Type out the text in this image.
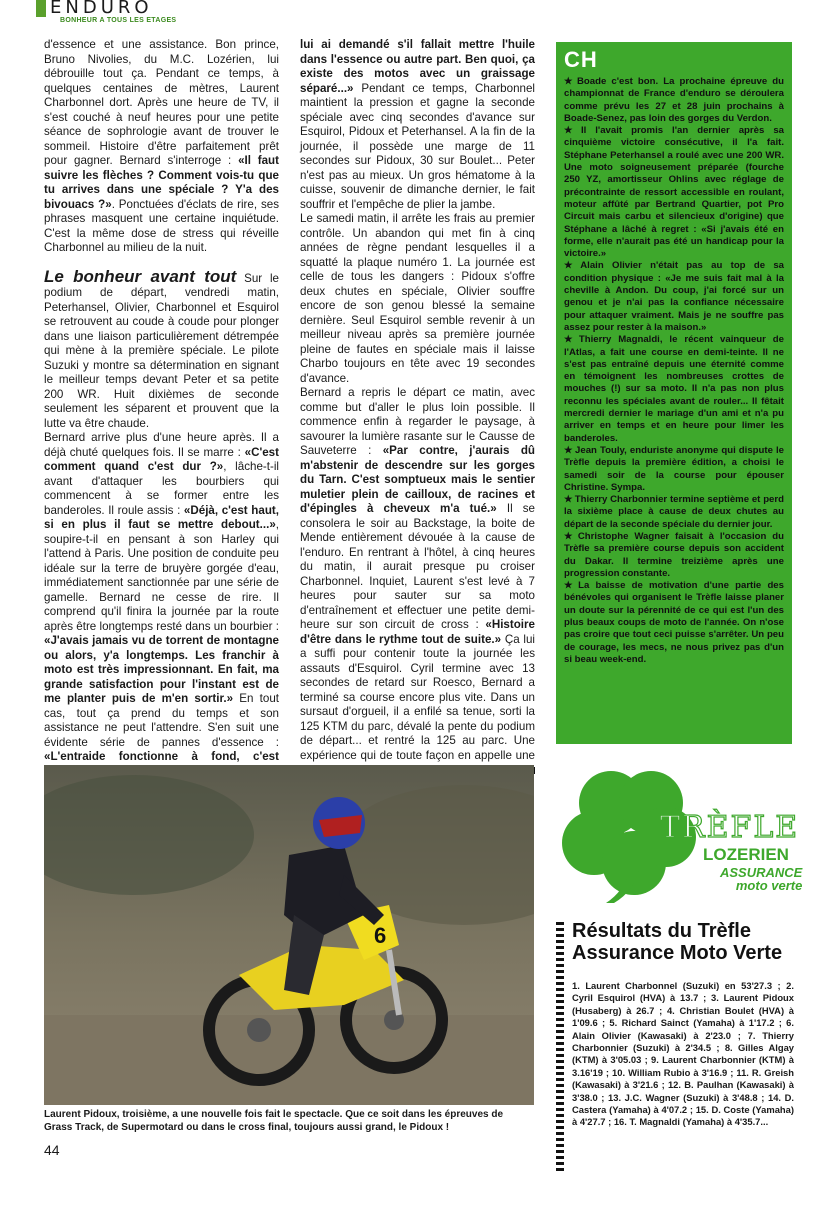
ENDURO
BONHEUR A TOUS LES ETAGES

d'essence et une assistance. Bon prince, Bruno Nivolies, du M.C. Lozérien, lui débrouille tout ça. Pendant ce temps, à quelques centaines de mètres, Laurent Charbonnel dort. Après une heure de TV, il s'est couché à neuf heures pour une petite séance de sophrologie avant de trouver le sommeil. Histoire d'être parfaitement prêt pour gagner. Bernard s'interroge : «Il faut suivre les flèches ? Comment vois-tu que tu arrives dans une spéciale ? Y'a des bivouacs ?». Ponctuées d'éclats de rire, ses phrases masquent une certaine inquiétude. C'est la même dose de stress qui réveille Charbonnel au milieu de la nuit.

Le bonheur avant tout Sur le podium de départ, vendredi matin, Peterhansel, Olivier, Charbonnel et Esquirol se retrouvent au coude à coude pour plonger dans une liaison particulièrement détrempée qui mène à la première spéciale. Le pilote Suzuki y montre sa détermination en signant le meilleur temps devant Peter et sa petite 200 WR. Huit dixièmes de seconde seulement les séparent et prouvent que la lutte va être chaude.

Bernard arrive plus d'une heure après. Il a déjà chuté quelques fois. Il se marre : «C'est comment quand c'est dur ?», lâche-t-il avant d'attaquer les bourbiers qui commencent à se former entre les banderoles. Il roule assis : «Déjà, c'est haut, si en plus il faut se mettre debout...», soupire-t-il en pensant à son Harley qui l'attend à Paris. Une position de conduite peu idéale sur la terre de bruyère gorgée d'eau, immédiatement sanctionnée par une série de gamelle. Bernard ne cesse de rire. Il comprend qu'il finira la journée par la route après être longtemps resté dans un bourbier : «J'avais jamais vu de torrent de montagne ou alors, y'a longtemps. Les franchir à moto est très impressionnant. En fait, ma grande satisfaction pour l'instant est de me planter puis de m'en sortir.» En tout cas, tout ça prend du temps et son assistance ne peut l'attendre. S'en suit une évidente série de pannes d'essence : «L'entraide fonctionne à fond, c'est

lui ai demandé s'il fallait mettre l'huile dans l'essence ou autre part. Ben quoi, ça existe des motos avec un graissage séparé...» Pendant ce temps, Charbonnel maintient la pression et gagne la seconde spéciale avec cinq secondes d'avance sur Esquirol, Pidoux et Peterhansel. A la fin de la journée, il possède une marge de 11 secondes sur Pidoux, 30 sur Boulet... Peter n'est pas au mieux. Un gros hématome à la cuisse, souvenir de dimanche dernier, le fait souffrir et l'empêche de plier la jambe.

Le samedi matin, il arrête les frais au premier contrôle. Un abandon qui met fin à cinq années de règne pendant lesquelles il a squatté la plaque numéro 1. La journée est celle de tous les dangers : Pidoux s'offre deux chutes en spéciale, Olivier souffre encore de son genou blessé la semaine dernière. Seul Esquirol semble revenir à un meilleur niveau après sa première journée pleine de fautes en spéciale mais il laisse Charbo toujours en tête avec 19 secondes d'avance.

Bernard a repris le départ ce matin, avec comme but d'aller le plus loin possible. Il commence enfin à regarder le paysage, à savourer la lumière rasante sur le Causse de Sauveterre : «Par contre, j'aurais dû m'abstenir de descendre sur les gorges du Tarn. C'est somptueux mais le sentier muletier plein de cailloux, de racines et d'épingles à cheveux m'a tué.» Il se consolera le soir au Backstage, la boite de Mende entièrement dévouée à la cause de l'enduro. En rentrant à l'hôtel, à cinq heures du matin, il aurait presque pu croiser Charbonnel. Inquiet, Laurent s'est levé à 7 heures pour sauter sur sa moto d'entraînement et effectuer une petite demi-heure sur son circuit de cross : «Histoire d'être dans le rythme tout de suite.» Ça lui a suffi pour contenir toute la journée les assauts d'Esquirol. Cyril termine avec 13 secondes de retard sur Roesco, Bernard a terminé sa course encore plus vite. Dans un sursaut d'orgueil, il a enfilé sa tenue, sorti la 125 KTM du parc, dévalé la pente du podium de départ... et rentré la 125 au parc. Une expérience qui de toute façon en appelle une

CH

★ Boade c'est bon. La prochaine épreuve du championnat de France d'enduro se déroulera comme prévu les 27 et 28 juin prochains à Boade-Senez, pas loin des gorges du Verdon.

★ Il l'avait promis l'an dernier après sa cinquième victoire consécutive, il l'a fait. Stéphane Peterhansel a roulé avec une 200 WR. Une moto soigneusement préparée (fourche 250 YZ, amortisseur Ohlins avec réglage de précontrainte de ressort accessible en roulant, moteur affûté par Bertrand Quartier, pot Pro Circuit mais carbu et silencieux d'origine) que Stéphane a lâché à regret : «Si j'avais été en forme, elle n'aurait pas été un handicap pour la victoire.»

★ Alain Olivier n'était pas au top de sa condition physique : «Je me suis fait mal à la cheville à Andon. Du coup, j'ai forcé sur un genou et je n'ai pas la confiance nécessaire pour attaquer vraiment. Mais je ne souffre pas assez pour rester à la maison.»

★ Thierry Magnaldi, le récent vainqueur de l'Atlas, a fait une course en demi-teinte. Il ne s'est pas entraîné depuis une éternité comme en témoignent les nombreuses crottes de mouches (!) sur sa moto. Il n'a pas non plus reconnu les spéciales avant de rouler... Il fêtait mercredi dernier le mariage d'un ami et n'a pu arriver en temps et en heure pour limer les banderoles.

★ Jean Touly, enduriste anonyme qui dispute le Trèfle depuis la première édition, a choisi le samedi soir de la course pour épouser Christine. Sympa.

★ Thierry Charbonnier termine septième et perd la sixième place à cause de deux chutes au départ de la seconde spéciale du dernier jour.

★ Christophe Wagner faisait à l'occasion du Trèfle sa première course depuis son accident du Dakar. Il termine treizième après une progression constante.

★ La baisse de motivation d'une partie des bénévoles qui organisent le Trèfle laisse planer un doute sur la pérennité de ce qui est l'un des plus beaux coups de moto de l'année. On n'ose pas croire que tout ceci puisse s'arrêter. Un peu de courage, les mecs, ne nous privez pas d'un si beau week-end.

6
Laurent Pidoux, troisième, a une nouvelle fois fait le spectacle. Que ce soit dans les épreuves de Grass Track, de Supermotard ou dans le cross final, toujours aussi grand, le Pidoux !
44
TRÈFLE
LOZERIEN
ASSURANCE
moto verte
Résultats du Trèfle Assurance Moto Verte
1. Laurent Charbonnel (Suzuki) en 53'27.3 ; 2. Cyril Esquirol (HVA) à 13.7 ; 3. Laurent Pidoux (Husaberg) à 26.7 ; 4. Christian Boulet (HVA) à 1'09.6 ; 5. Richard Sainct (Yamaha) à 1'17.2 ; 6. Alain Olivier (Kawasaki) à 2'23.0 ; 7. Thierry Charbonnier (Suzuki) à 2'34.5 ; 8. Gilles Algay (KTM) à 3'05.03 ; 9. Laurent Charbonnier (KTM) à 3.16'19 ; 10. William Rubio à 3'16.9 ; 11. R. Greish (Kawasaki) à 3'21.6 ; 12. B. Paulhan (Kawasaki) à 3'38.0 ; 13. J.C. Wagner (Suzuki) à 3'48.8 ; 14. D. Castera (Yamaha) à 4'07.2 ; 15. D. Coste (Yamaha) à 4'27.7 ; 16. T. Magnaldi (Yamaha) à 4'35.7...
